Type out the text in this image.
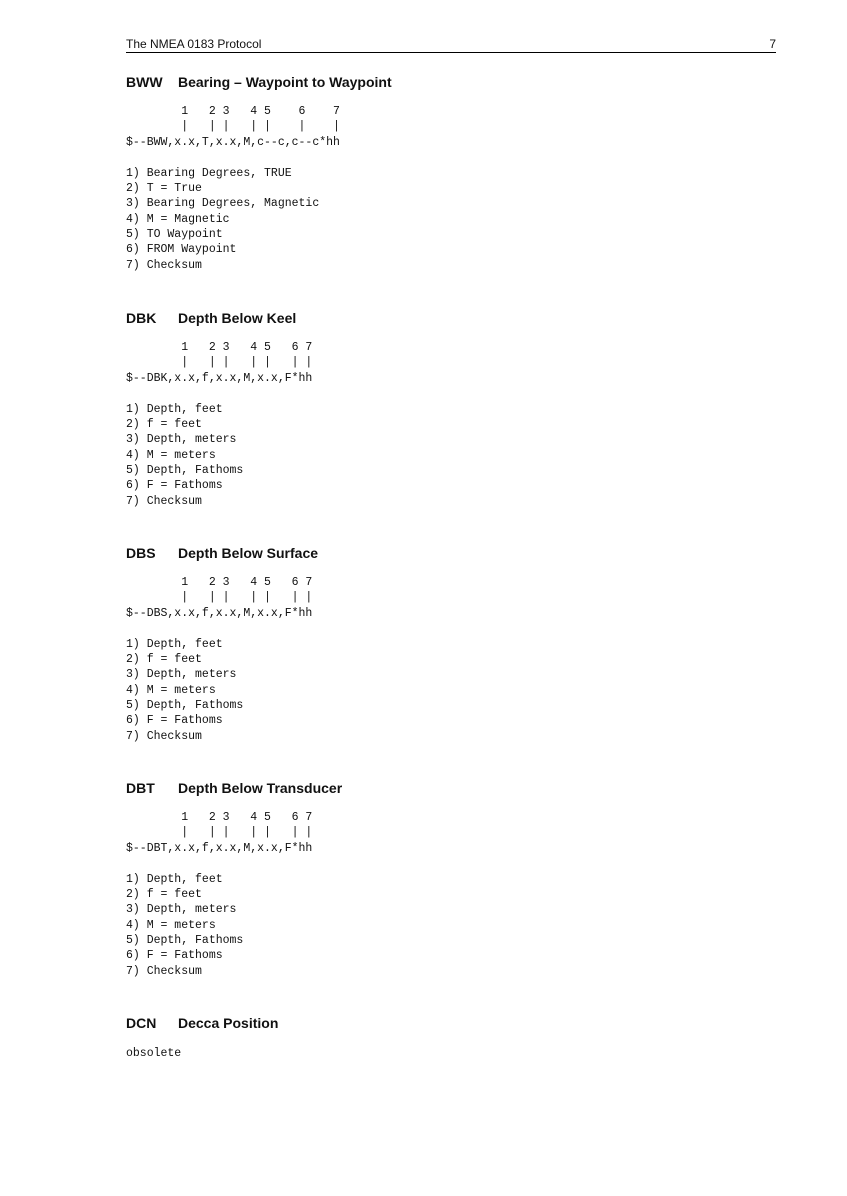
The NMEA 0183 Protocol	7
BWW Bearing – Waypoint to Waypoint
1   2 3   4 5    6    7
|   | |   | |    |    |
$--BWW,x.x,T,x.x,M,c--c,c--c*hh
1) Bearing Degrees, TRUE
2) T = True
3) Bearing Degrees, Magnetic
4) M = Magnetic
5) TO Waypoint
6) FROM Waypoint
7) Checksum
DBK Depth Below Keel
1   2 3   4 5   6 7
|   | |   | |   | |
$--DBK,x.x,f,x.x,M,x.x,F*hh
1) Depth, feet
2) f = feet
3) Depth, meters
4) M = meters
5) Depth, Fathoms
6) F = Fathoms
7) Checksum
DBS Depth Below Surface
1   2 3   4 5   6 7
|   | |   | |   | |
$--DBS,x.x,f,x.x,M,x.x,F*hh
1) Depth, feet
2) f = feet
3) Depth, meters
4) M = meters
5) Depth, Fathoms
6) F = Fathoms
7) Checksum
DBT Depth Below Transducer
1   2 3   4 5   6 7
|   | |   | |   | |
$--DBT,x.x,f,x.x,M,x.x,F*hh
1) Depth, feet
2) f = feet
3) Depth, meters
4) M = meters
5) Depth, Fathoms
6) F = Fathoms
7) Checksum
DCN Decca Position
obsolete
